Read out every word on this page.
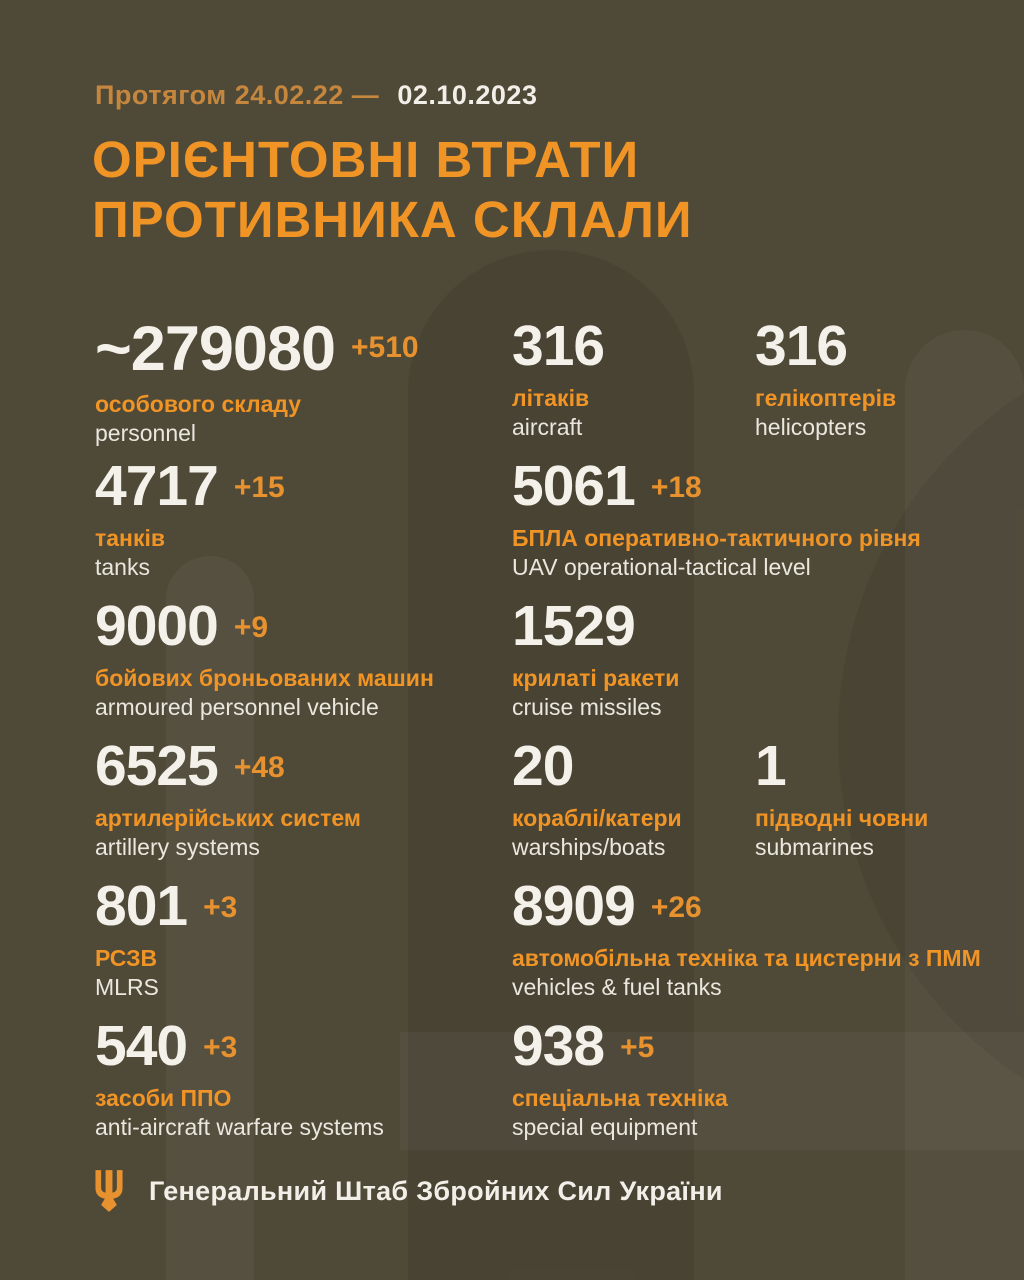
Протягом 24.02.22 — 02.10.2023
ОРІЄНТОВНІ ВТРАТИ
ПРОТИВНИКА СКЛАЛИ
~279080 +510
особового складу
personnel
316
літаків
aircraft
316
гелікоптерів
helicopters
4717 +15
танків
tanks
5061 +18
БПЛА оперативно-тактичного рівня
UAV operational-tactical level
9000 +9
бойових броньованих машин
armoured personnel vehicle
1529
крилаті ракети
cruise missiles
6525 +48
артилерійських систем
artillery systems
20
кораблі/катери
warships/boats
1
підводні човни
submarines
801 +3
РСЗВ
MLRS
8909 +26
автомобільна техніка та цистерни з ПММ
vehicles & fuel tanks
540 +3
засоби ППО
anti-aircraft warfare systems
938 +5
спеціальна техніка
special equipment
Генеральний Штаб Збройних Сил України
